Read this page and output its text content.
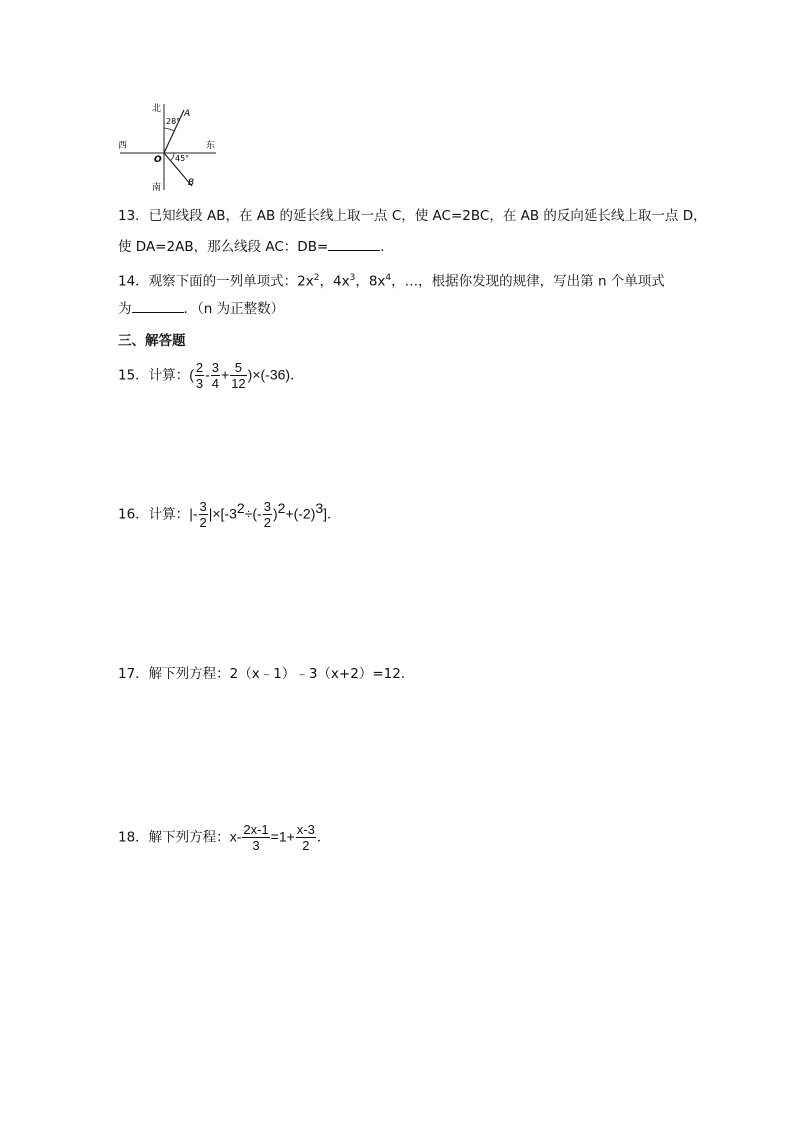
北
南
西	东
O
A
B
28°
45°
13．已知线段 AB，在 AB 的延长线上取一点 C，使 AC=2BC，在 AB 的反向延长线上取一点 D，
使 DA=2AB，那么线段 AC：DB=	．
14．观察下面的一列单项式：$2x^2$，$4x^3$，$8x^4$，…，根据你发现的规律，写出第 n 个单项式
为	．（n 为正整数）
三、解答题
15．计算：( $\frac{2}{3} - \frac{3}{4} + \frac{5}{12} )\times(-36)$．
16．计算：|- $\frac{3}{2} |\times[-3^2\div(- \frac{3}{2} )^2+(-2)^3]$．
17．解下列方程：2（x﹣1）﹣3（x+2）=12．
18．解下列方程：$x- \frac{2x-1}{3} =1+ \frac{x-3}{2}$ ．
